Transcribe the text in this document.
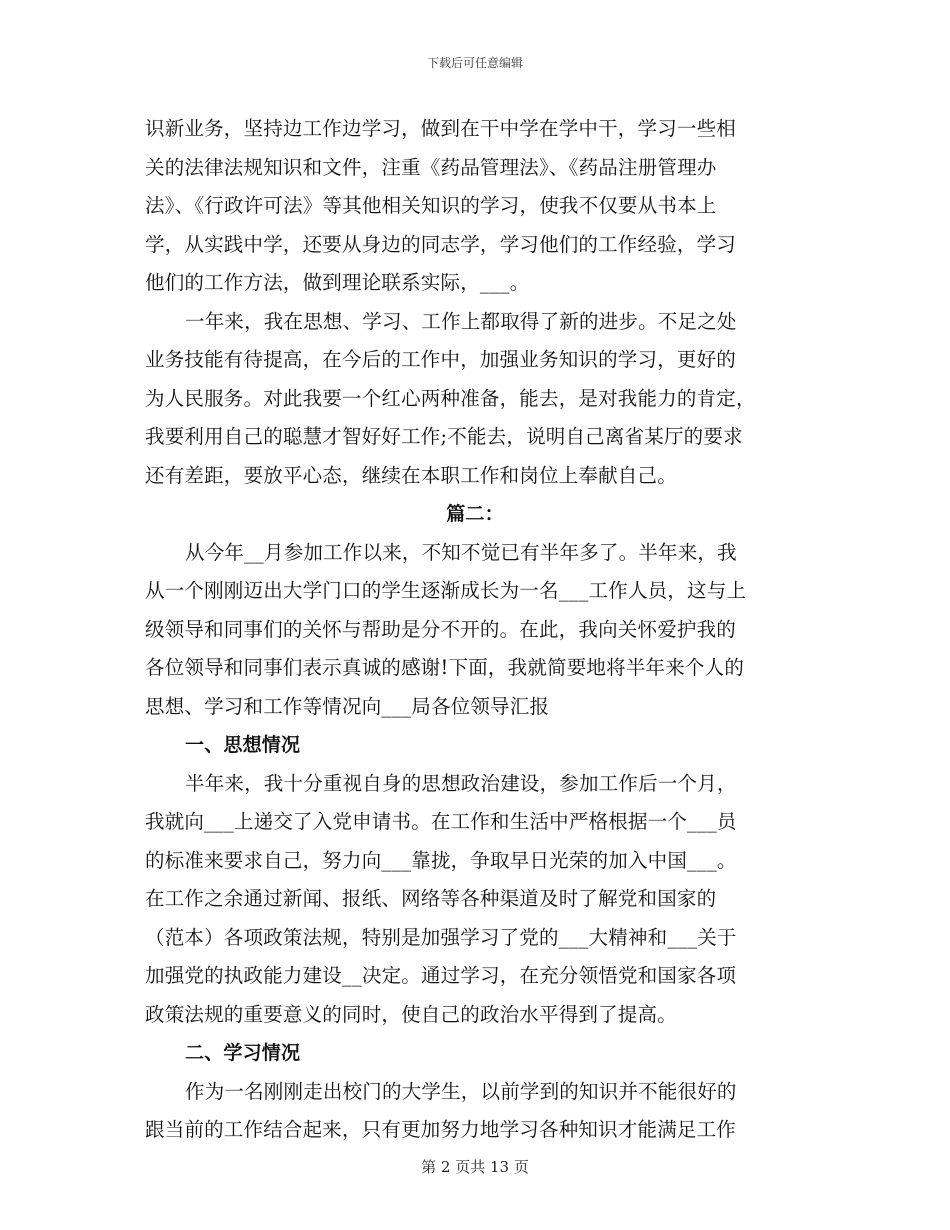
下载后可任意编辑
识新业务，坚持边工作边学习，做到在干中学在学中干，学习一些相
关的法律法规知识和文件，注重《药品管理法》、《药品注册管理办
法》、《行政许可法》等其他相关知识的学习，使我不仅要从书本上
学，从实践中学，还要从身边的同志学，学习他们的工作经验，学习
他们的工作方法，做到理论联系实际，___。
一年来，我在思想、学习、工作上都取得了新的进步。不足之处
业务技能有待提高，在今后的工作中，加强业务知识的学习，更好的
为人民服务。对此我要一个红心两种准备，能去，是对我能力的肯定，
我要利用自己的聪慧才智好好工作;不能去，说明自己离省某厅的要求
还有差距，要放平心态，继续在本职工作和岗位上奉献自己。
篇二：
从今年__月参加工作以来，不知不觉已有半年多了。半年来，我
从一个刚刚迈出大学门口的学生逐渐成长为一名___工作人员，这与上
级领导和同事们的关怀与帮助是分不开的。在此，我向关怀爱护我的
各位领导和同事们表示真诚的感谢!下面，我就简要地将半年来个人的
思想、学习和工作等情况向___局各位领导汇报
一、思想情况
半年来，我十分重视自身的思想政治建设，参加工作后一个月，
我就向___上递交了入党申请书。在工作和生活中严格根据一个___员
的标准来要求自己，努力向___靠拢，争取早日光荣的加入中国___。
在工作之余通过新闻、报纸、网络等各种渠道及时了解党和国家的
（范本）各项政策法规，特别是加强学习了党的___大精神和___关于
加强党的执政能力建设__决定。通过学习，在充分领悟党和国家各项
政策法规的重要意义的同时，使自己的政治水平得到了提高。
二、学习情况
作为一名刚刚走出校门的大学生，以前学到的知识并不能很好的
跟当前的工作结合起来，只有更加努力地学习各种知识才能满足工作
第 2 页共 13 页
